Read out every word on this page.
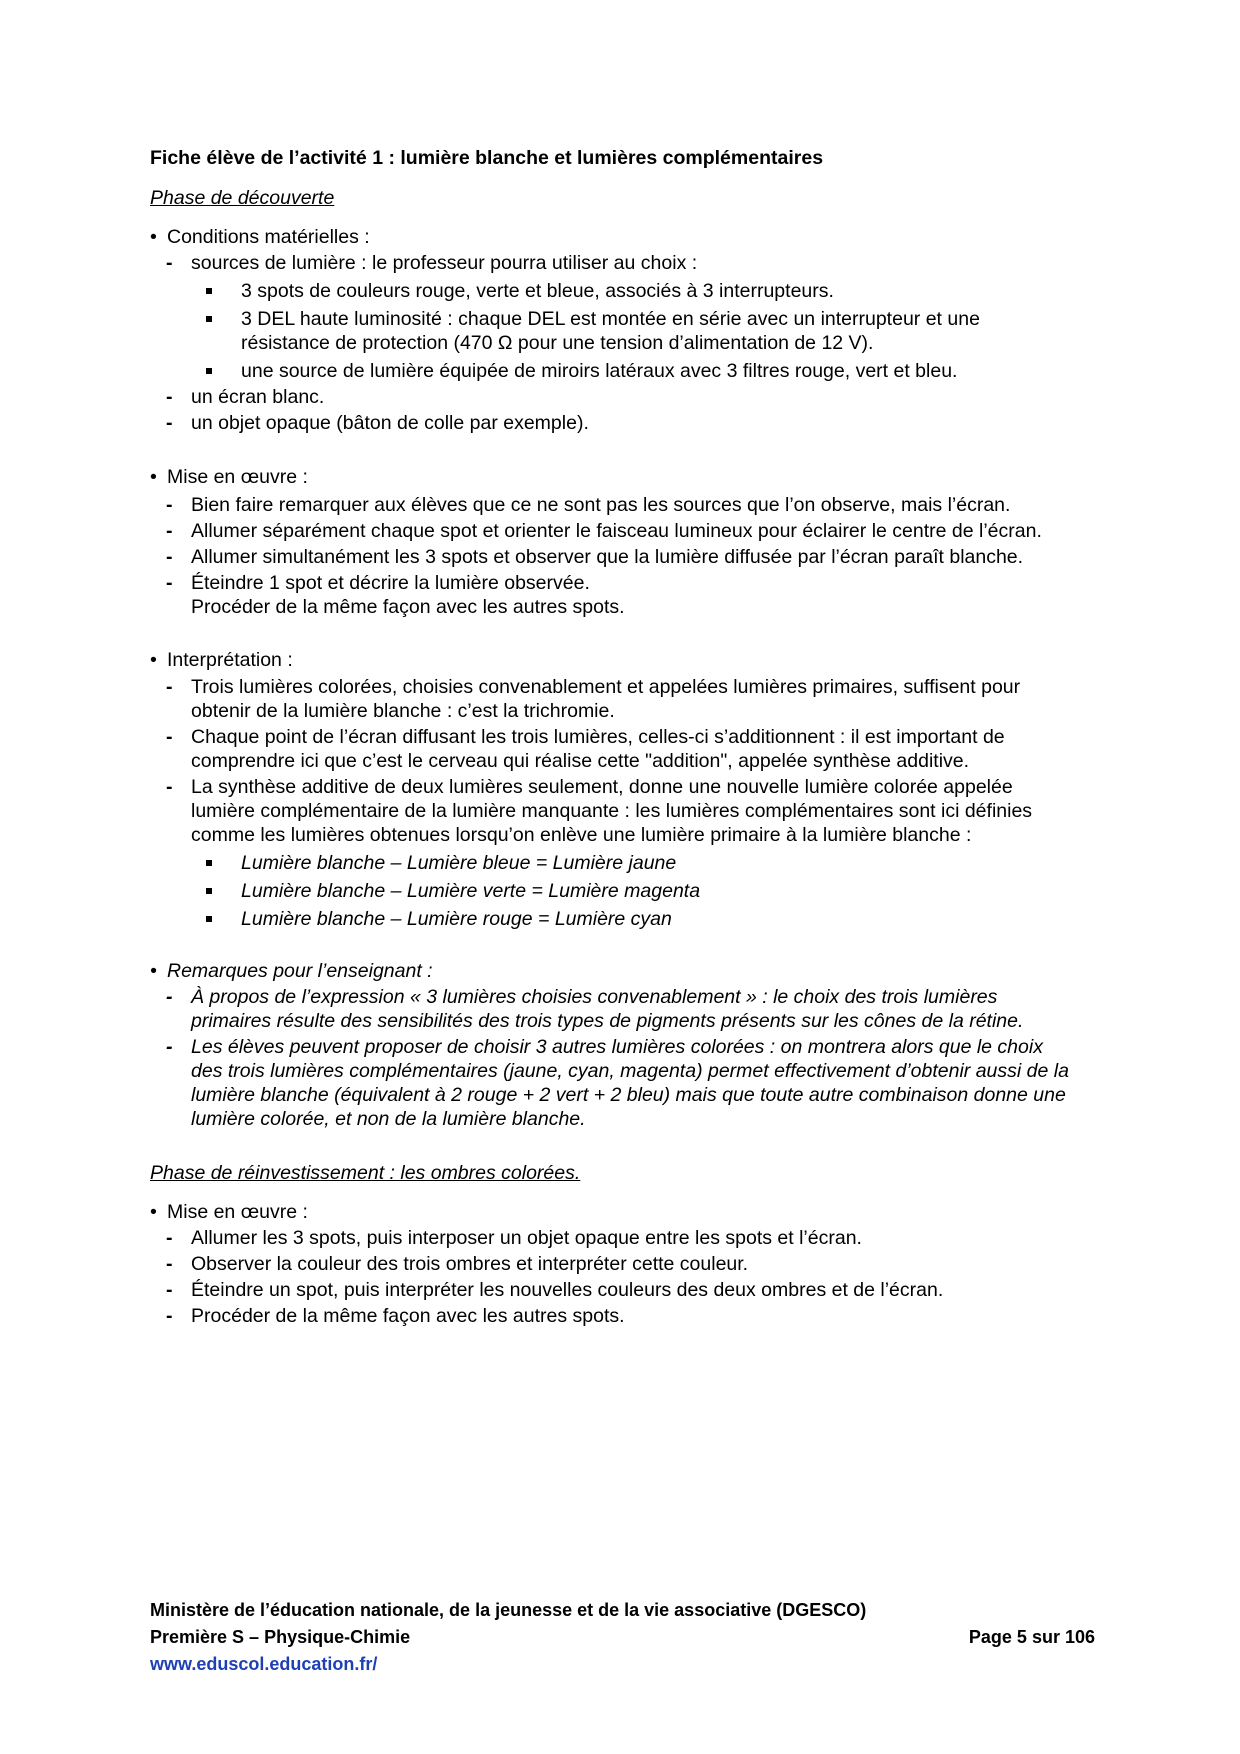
Fiche élève de l’activité 1 : lumière blanche et lumières complémentaires
Phase de découverte
• Conditions matérielles :
- sources de lumière : le professeur pourra utiliser au choix :
3 spots de couleurs rouge, verte et bleue, associés à 3 interrupteurs.
3 DEL haute luminosité : chaque DEL est montée en série avec un interrupteur et une résistance de protection (470 Ω pour une tension d’alimentation de 12 V).
une source de lumière équipée de miroirs latéraux avec 3 filtres rouge, vert et bleu.
- un écran blanc.
- un objet opaque (bâton de colle par exemple).
• Mise en œuvre :
- Bien faire remarquer aux élèves que ce ne sont pas les sources que l’on observe, mais l’écran.
- Allumer séparément chaque spot et orienter le faisceau lumineux pour éclairer le centre de l’écran.
- Allumer simultanément les 3 spots et observer que la lumière diffusée par l’écran paraît blanche.
- Éteindre 1 spot et décrire la lumière observée.
Procéder de la même façon avec les autres spots.
• Interprétation :
- Trois lumières colorées, choisies convenablement et appelées lumières primaires, suffisent pour obtenir de la lumière blanche : c’est la trichromie.
- Chaque point de l’écran diffusant les trois lumières, celles-ci s’additionnent : il est important de comprendre ici que c’est le cerveau qui réalise cette "addition", appelée synthèse additive.
- La synthèse additive de deux lumières seulement, donne une nouvelle lumière colorée appelée lumière complémentaire de la lumière manquante : les lumières complémentaires sont ici définies comme les lumières obtenues lorsqu’on enlève une lumière primaire à la lumière blanche :
Lumière blanche – Lumière bleue = Lumière jaune
Lumière blanche – Lumière verte = Lumière magenta
Lumière blanche – Lumière rouge = Lumière cyan
• Remarques pour l’enseignant :
- À propos de l’expression « 3 lumières choisies convenablement » : le choix des trois lumières primaires résulte des sensibilités des trois types de pigments présents sur les cônes de la rétine.
- Les élèves peuvent proposer de choisir 3 autres lumières colorées : on montrera alors que le choix des trois lumières complémentaires (jaune, cyan, magenta) permet effectivement d’obtenir aussi de la lumière blanche (équivalent à 2 rouge + 2 vert + 2 bleu) mais que toute autre combinaison donne une lumière colorée, et non de la lumière blanche.
Phase de réinvestissement : les ombres colorées.
• Mise en œuvre :
- Allumer les 3 spots, puis interposer un objet opaque entre les spots et l’écran.
- Observer la couleur des trois ombres et interpréter cette couleur.
- Éteindre un spot, puis interpréter les nouvelles couleurs des deux ombres et de l’écran.
- Procéder de la même façon avec les autres spots.
Ministère de l’éducation nationale, de la jeunesse et de la vie associative (DGESCO)
Première S – Physique-Chimie	Page 5 sur 106
www.eduscol.education.fr/
